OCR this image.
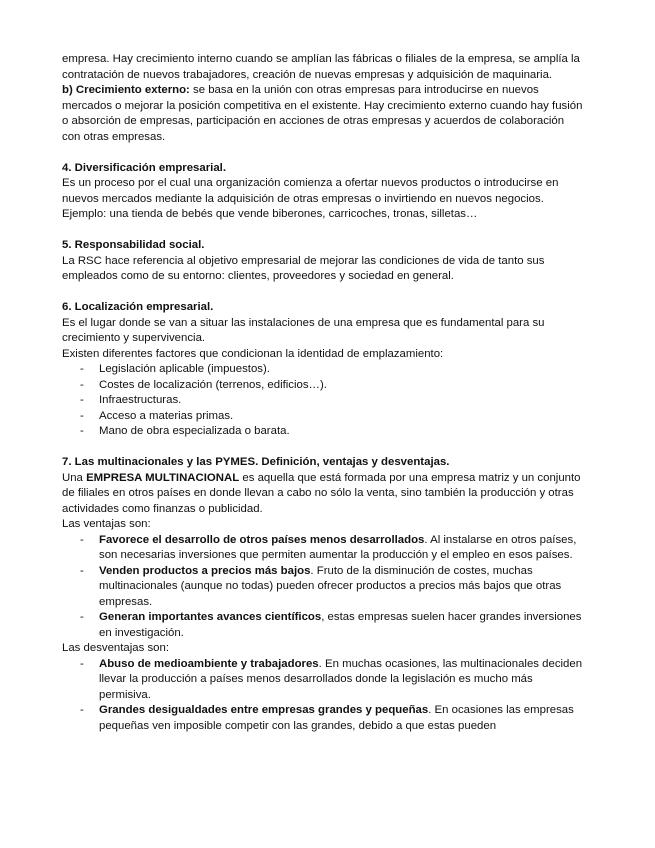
empresa. Hay crecimiento interno cuando se amplían las fábricas o filiales de la empresa, se amplía la contratación de nuevos trabajadores, creación de nuevas empresas y adquisición de maquinaria.

b) Crecimiento externo: se basa en la unión con otras empresas para introducirse en nuevos mercados o mejorar la posición competitiva en el existente. Hay crecimiento externo cuando hay fusión o absorción de empresas, participación en acciones de otras empresas y acuerdos de colaboración con otras empresas.

4. Diversificación empresarial.

Es un proceso por el cual una organización comienza a ofertar nuevos productos o introducirse en nuevos mercados mediante la adquisición de otras empresas o invirtiendo en nuevos negocios. Ejemplo: una tienda de bebés que vende biberones, carricoches, tronas, silletas…

5. Responsabilidad social.

La RSC hace referencia al objetivo empresarial de mejorar las condiciones de vida de tanto sus empleados como de su entorno: clientes, proveedores y sociedad en general.

6. Localización empresarial.

Es el lugar donde se van a situar las instalaciones de una empresa que es fundamental para su crecimiento y supervivencia.

Existen diferentes factores que condicionan la identidad de emplazamiento:

- Legislación aplicable (impuestos).
- Costes de localización (terrenos, edificios…).
- Infraestructuras.
- Acceso a materias primas.
- Mano de obra especializada o barata.

7. Las multinacionales y las PYMES. Definición, ventajas y desventajas.

Una EMPRESA MULTINACIONAL es aquella que está formada por una empresa matriz y un conjunto de filiales en otros países en donde llevan a cabo no sólo la venta, sino también la producción y otras actividades como finanzas o publicidad.

Las ventajas son:

- Favorece el desarrollo de otros países menos desarrollados. Al instalarse en otros países, son necesarias inversiones que permiten aumentar la producción y el empleo en esos países.
- Venden productos a precios más bajos. Fruto de la disminución de costes, muchas multinacionales (aunque no todas) pueden ofrecer productos a precios más bajos que otras empresas.
- Generan importantes avances científicos, estas empresas suelen hacer grandes inversiones en investigación.

Las desventajas son:

- Abuso de medioambiente y trabajadores. En muchas ocasiones, las multinacionales deciden llevar la producción a países menos desarrollados donde la legislación es mucho más permisiva.
- Grandes desigualdades entre empresas grandes y pequeñas. En ocasiones las empresas pequeñas ven imposible competir con las grandes, debido a que estas pueden
